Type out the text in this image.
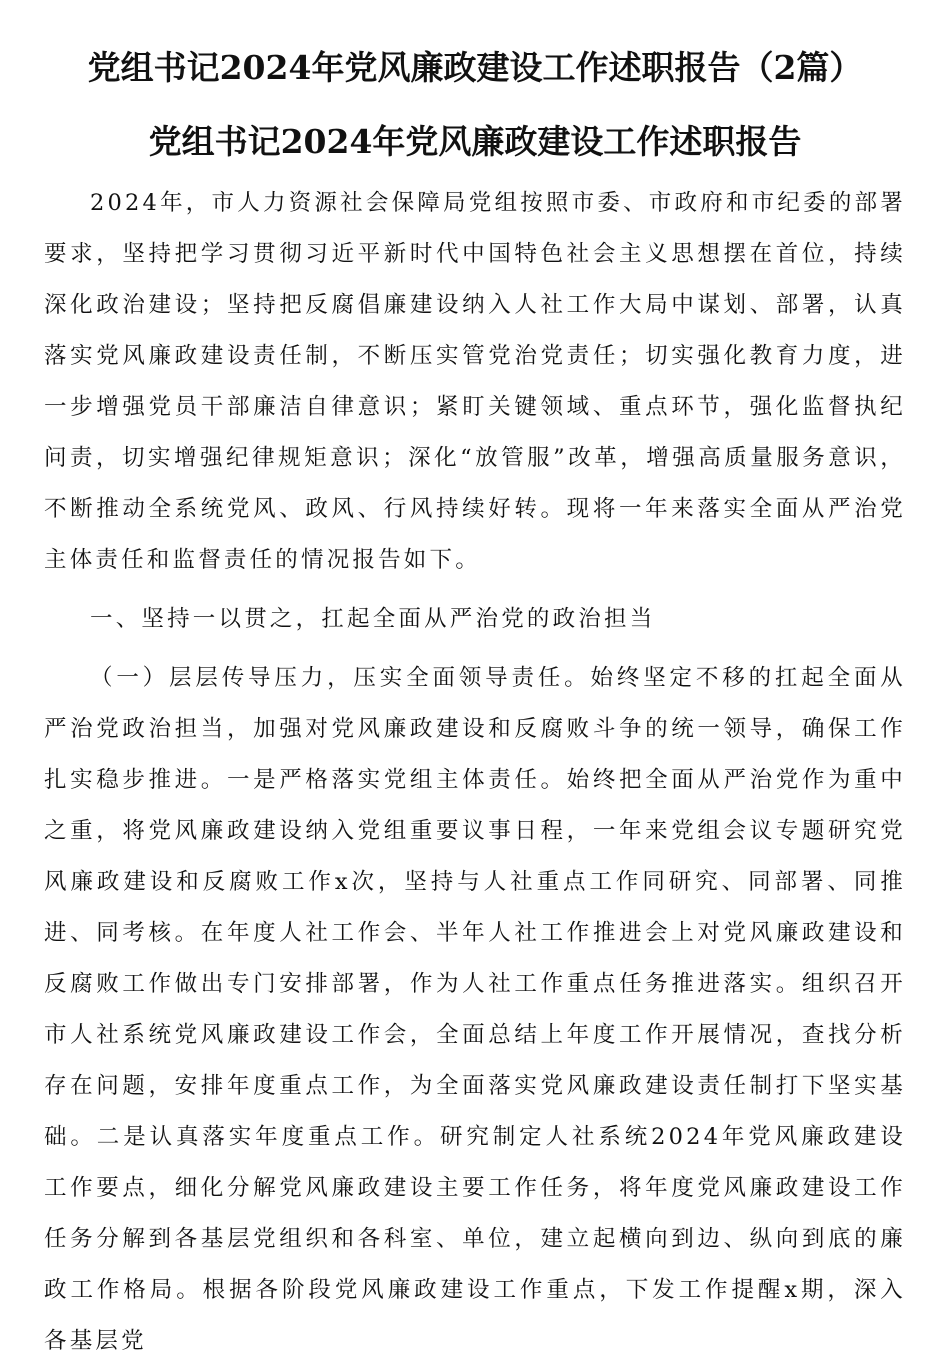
党组书记2024年党风廉政建设工作述职报告（2篇）
党组书记2024年党风廉政建设工作述职报告

2024年，市人力资源社会保障局党组按照市委、市政府和市纪委的部署要求，坚持把学习贯彻习近平新时代中国特色社会主义思想摆在首位，持续深化政治建设；坚持把反腐倡廉建设纳入人社工作大局中谋划、部署，认真落实党风廉政建设责任制，不断压实管党治党责任；切实强化教育力度，进一步增强党员干部廉洁自律意识；紧盯关键领域、重点环节，强化监督执纪问责，切实增强纪律规矩意识；深化“放管服”改革，增强高质量服务意识，不断推动全系统党风、政风、行风持续好转。现将一年来落实全面从严治党主体责任和监督责任的情况报告如下。

一、坚持一以贯之，扛起全面从严治党的政治担当

（一）层层传导压力，压实全面领导责任。始终坚定不移的扛起全面从严治党政治担当，加强对党风廉政建设和反腐败斗争的统一领导，确保工作扎实稳步推进。一是严格落实党组主体责任。始终把全面从严治党作为重中之重，将党风廉政建设纳入党组重要议事日程，一年来党组会议专题研究党风廉政建设和反腐败工作x次，坚持与人社重点工作同研究、同部署、同推进、同考核。在年度人社工作会、半年人社工作推进会上对党风廉政建设和反腐败工作做出专门安排部署，作为人社工作重点任务推进落实。组织召开市人社系统党风廉政建设工作会，全面总结上年度工作开展情况，查找分析存在问题，安排年度重点工作，为全面落实党风廉政建设责任制打下坚实基础。二是认真落实年度重点工作。研究制定人社系统2024年党风廉政建设工作要点，细化分解党风廉政建设主要工作任务，将年度党风廉政建设工作任务分解到各基层党组织和各科室、单位，建立起横向到边、纵向到底的廉政工作格局。根据各阶段党风廉政建设工作重点，下发工作提醒x期，深入各基层党
